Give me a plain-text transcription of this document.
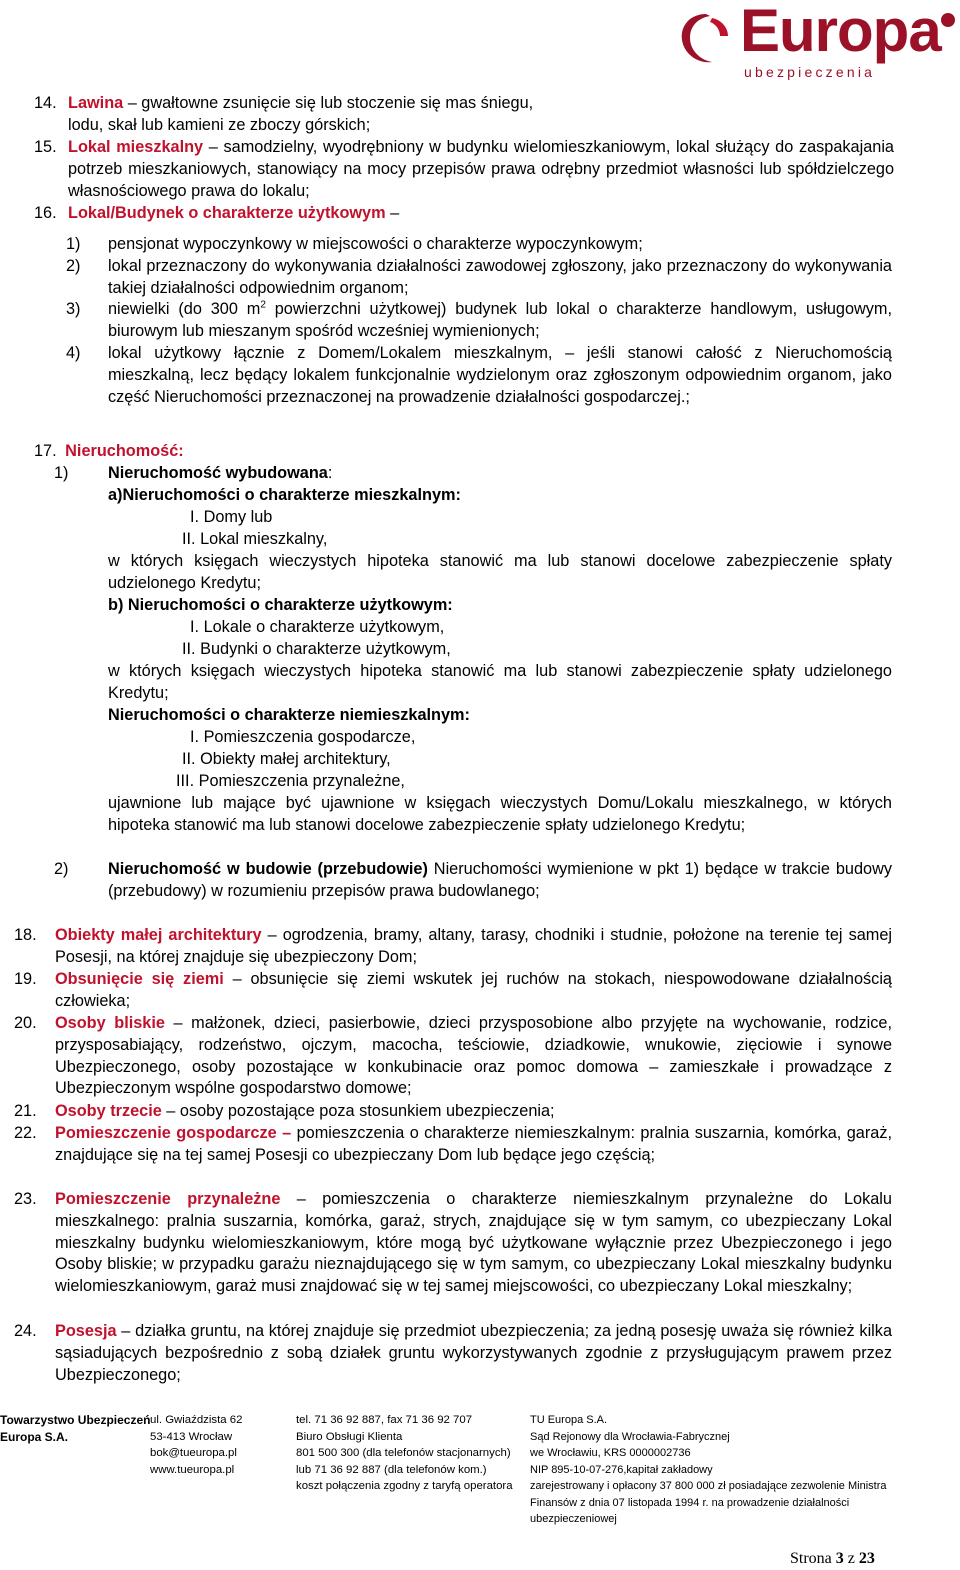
Europa
ubezpieczenia
14. Lawina – gwałtowne zsunięcie się lub stoczenie się mas śniegu,
lodu, skał lub kamieni ze zboczy górskich;
15. Lokal mieszkalny – samodzielny, wyodrębniony w budynku wielomieszkaniowym, lokal służący do zaspakajania potrzeb mieszkaniowych, stanowiący na mocy przepisów prawa odrębny przedmiot własności lub spółdzielczego własnościowego prawa do lokalu;
16. Lokal/Budynek o charakterze użytkowym –
1) pensjonat wypoczynkowy w miejscowości o charakterze wypoczynkowym;
2) lokal przeznaczony do wykonywania działalności zawodowej zgłoszony, jako przeznaczony do wykonywania takiej działalności odpowiednim organom;
3) niewielki (do 300 $m^2$ powierzchni użytkowej) budynek lub lokal o charakterze handlowym, usługowym, biurowym lub mieszanym spośród wcześniej wymienionych;
4) lokal użytkowy łącznie z Domem/Lokalem mieszkalnym, – jeśli stanowi całość z Nieruchomością mieszkalną, lecz będący lokalem funkcjonalnie wydzielonym oraz zgłoszonym odpowiednim organom, jako część Nieruchomości przeznaczonej na prowadzenie działalności gospodarczej.;
17. Nieruchomość:
1) Nieruchomość wybudowana:
a)Nieruchomości o charakterze mieszkalnym:
I. Domy lub
II. Lokal mieszkalny,
w których księgach wieczystych hipoteka stanowić ma lub stanowi docelowe zabezpieczenie spłaty udzielonego Kredytu;
b) Nieruchomości o charakterze użytkowym:
I. Lokale o charakterze użytkowym,
II. Budynki o charakterze użytkowym,
w których księgach wieczystych hipoteka stanowić ma lub stanowi zabezpieczenie spłaty udzielonego Kredytu;
Nieruchomości o charakterze niemieszkalnym:
I. Pomieszczenia gospodarcze,
II. Obiekty małej architektury,
III. Pomieszczenia przynależne,
ujawnione lub mające być ujawnione w księgach wieczystych Domu/Lokalu mieszkalnego, w których hipoteka stanowić ma lub stanowi docelowe zabezpieczenie spłaty udzielonego Kredytu;
2) Nieruchomość w budowie (przebudowie) Nieruchomości wymienione w pkt 1) będące w trakcie budowy (przebudowy) w rozumieniu przepisów prawa budowlanego;
18. Obiekty małej architektury – ogrodzenia, bramy, altany, tarasy, chodniki i studnie, położone na terenie tej samej Posesji, na której znajduje się ubezpieczony Dom;
19. Obsunięcie się ziemi – obsunięcie się ziemi wskutek jej ruchów na stokach, niespowodowane działalnością człowieka;
20. Osoby bliskie – małżonek, dzieci, pasierbowie, dzieci przysposobione albo przyjęte na wychowanie, rodzice, przysposabiający, rodzeństwo, ojczym, macocha, teściowie, dziadkowie, wnukowie, zięciowie i synowe Ubezpieczonego, osoby pozostające w konkubinacie oraz pomoc domowa – zamieszkałe i prowadzące z Ubezpieczonym wspólne gospodarstwo domowe;
21. Osoby trzecie – osoby pozostające poza stosunkiem ubezpieczenia;
22. Pomieszczenie gospodarcze – pomieszczenia o charakterze niemieszkalnym: pralnia suszarnia, komórka, garaż, znajdujące się na tej samej Posesji co ubezpieczany Dom lub będące jego częścią;
23. Pomieszczenie przynależne – pomieszczenia o charakterze niemieszkalnym przynależne do Lokalu mieszkalnego: pralnia suszarnia, komórka, garaż, strych, znajdujące się w tym samym, co ubezpieczany Lokal mieszkalny budynku wielomieszkaniowym, które mogą być użytkowane wyłącznie przez Ubezpieczonego i jego Osoby bliskie; w przypadku garażu nieznajdującego się w tym samym, co ubezpieczany Lokal mieszkalny budynku wielomieszkaniowym, garaż musi znajdować się w tej samej miejscowości, co ubezpieczany Lokal mieszkalny;
24. Posesja – działka gruntu, na której znajduje się przedmiot ubezpieczenia; za jedną posesję uważa się również kilka sąsiadujących bezpośrednio z sobą działek gruntu wykorzystywanych zgodnie z przysługującym prawem przez Ubezpieczonego;
Towarzystwo Ubezpieczeń
Europa S.A.
ul. Gwiaździsta 62
53-413 Wrocław
bok@tueuropa.pl
www.tueuropa.pl
tel. 71 36 92 887, fax 71 36 92 707
Biuro Obsługi Klienta
801 500 300 (dla telefonów stacjonarnych)
lub 71 36 92 887 (dla telefonów kom.)
koszt połączenia zgodny z taryfą operatora
TU Europa S.A.
Sąd Rejonowy dla Wrocławia-Fabrycznej
we Wrocławiu, KRS 0000002736
NIP 895-10-07-276,kapitał zakładowy
zarejestrowany i opłacony 37 800 000 zł posiadające zezwolenie Ministra
Finansów z dnia 07 listopada 1994 r. na prowadzenie działalności
ubezpieczeniowej
Strona 3 z 23
